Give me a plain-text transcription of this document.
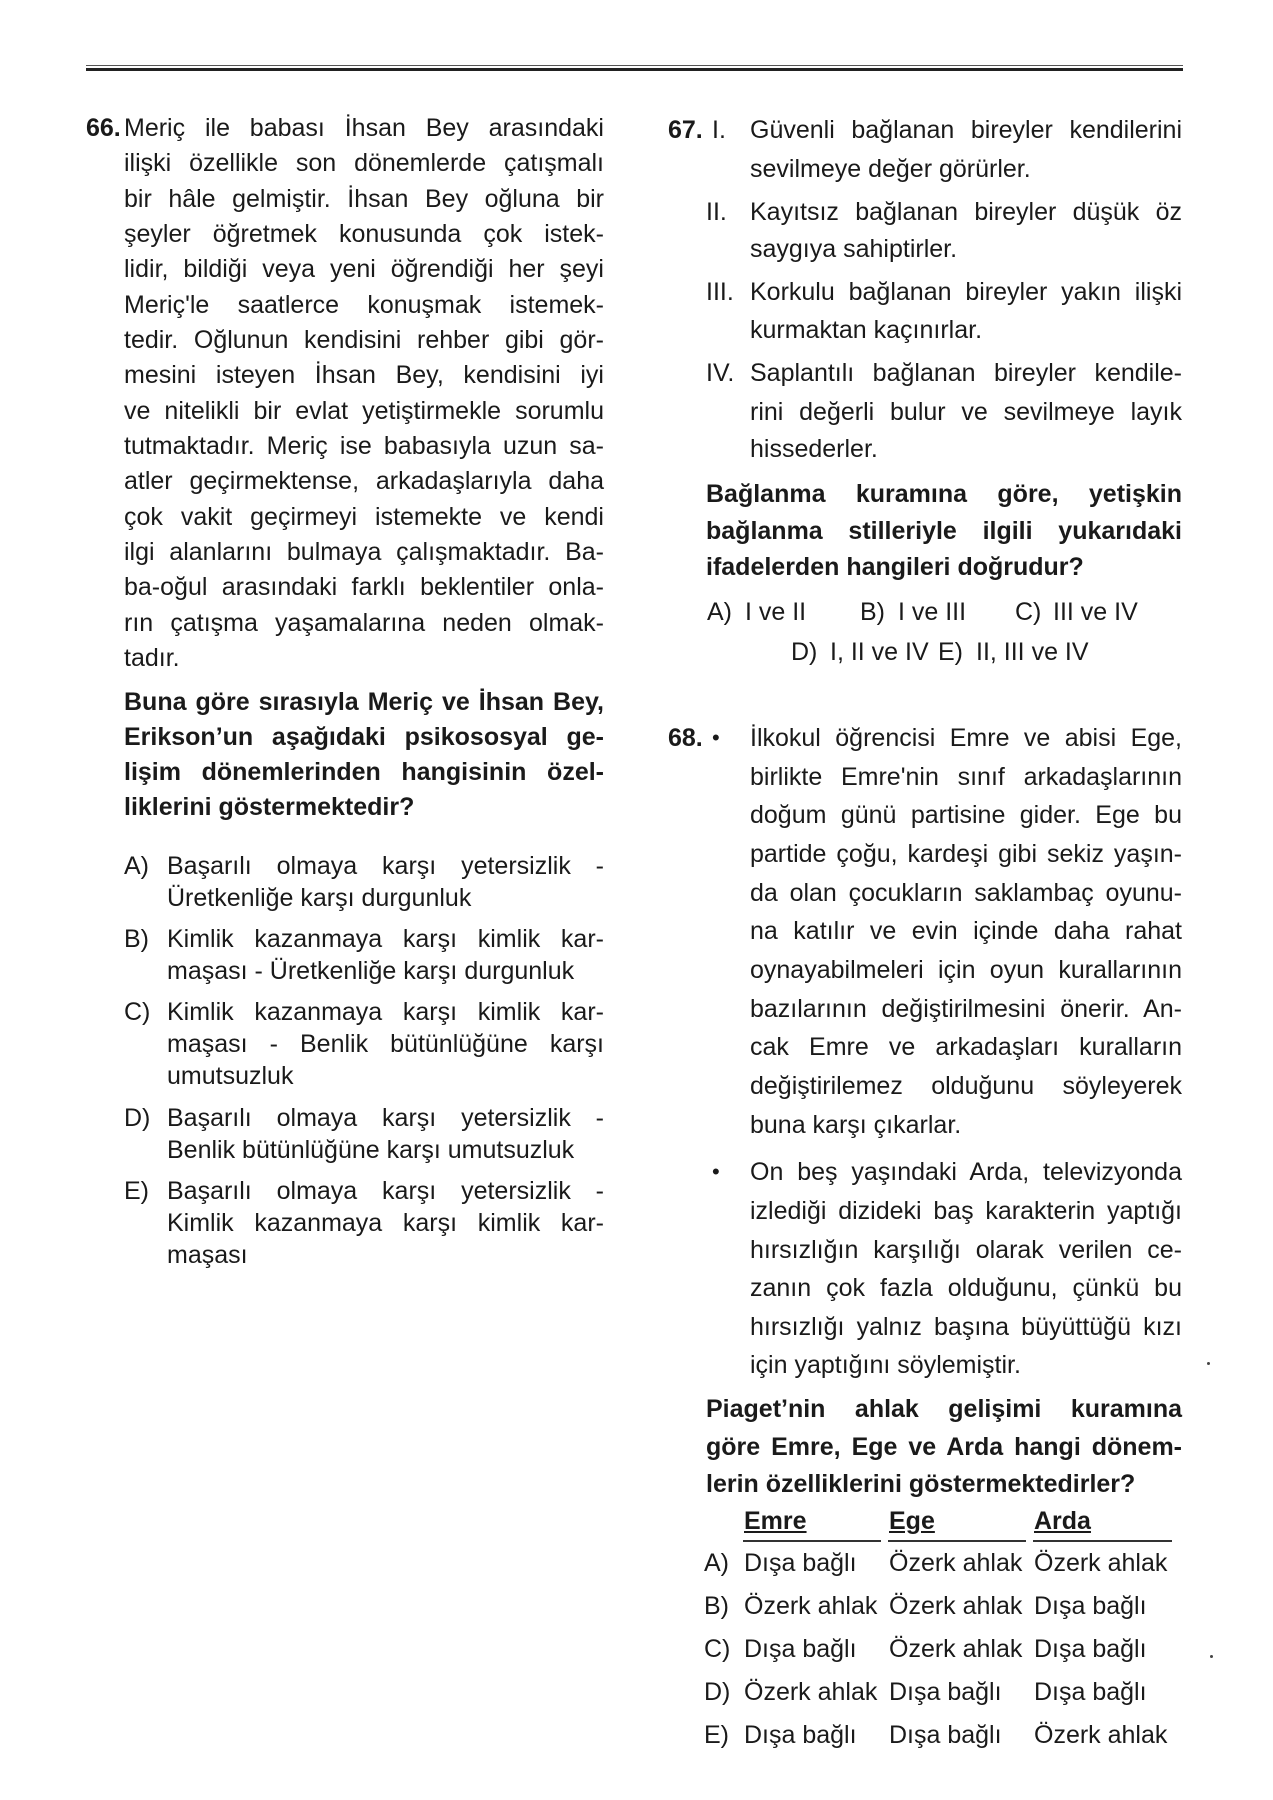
66. Meriç ile babası İhsan Bey arasındaki
ilişki özellikle son dönemlerde çatışmalı
bir hâle gelmiştir. İhsan Bey oğluna bir
şeyler öğretmek konusunda çok istek-
lidir, bildiği veya yeni öğrendiği her şeyi
Meriç'le saatlerce konuşmak istemek-
tedir. Oğlunun kendisini rehber gibi gör-
mesini isteyen İhsan Bey, kendisini iyi
ve nitelikli bir evlat yetiştirmekle sorumlu
tutmaktadır. Meriç ise babasıyla uzun sa-
atler geçirmektense, arkadaşlarıyla daha
çok vakit geçirmeyi istemekte ve kendi
ilgi alanlarını bulmaya çalışmaktadır. Ba-
ba-oğul arasındaki farklı beklentiler onla-
rın çatışma yaşamalarına neden olmak-
tadır.
Buna göre sırasıyla Meriç ve İhsan Bey,
Erikson’un aşağıdaki psikososyal ge-
lişim dönemlerinden hangisinin özel-
liklerini göstermektedir?
A) Başarılı olmaya karşı yetersizlik -
Üretkenliğe karşı durgunluk
B) Kimlik kazanmaya karşı kimlik kar-
maşası - Üretkenliğe karşı durgunluk
C) Kimlik kazanmaya karşı kimlik kar-
maşası - Benlik bütünlüğüne karşı
umutsuzluk
D) Başarılı olmaya karşı yetersizlik -
Benlik bütünlüğüne karşı umutsuzluk
E) Başarılı olmaya karşı yetersizlik -
Kimlik kazanmaya karşı kimlik kar-
maşası
67. I. Güvenli bağlanan bireyler kendilerini
sevilmeye değer görürler.
II. Kayıtsız bağlanan bireyler düşük öz
saygıya sahiptirler.
III. Korkulu bağlanan bireyler yakın ilişki
kurmaktan kaçınırlar.
IV. Saplantılı bağlanan bireyler kendile-
rini değerli bulur ve sevilmeye layık
hissederler.
Bağlanma kuramına göre, yetişkin
bağlanma stilleriyle ilgili yukarıdaki
ifadelerden hangileri doğrudur?
A) I ve II B) I ve III C) III ve IV
D) I, II ve IV E) II, III ve IV
68. • İlkokul öğrencisi Emre ve abisi Ege,
birlikte Emre'nin sınıf arkadaşlarının
doğum günü partisine gider. Ege bu
partide çoğu, kardeşi gibi sekiz yaşın-
da olan çocukların saklambaç oyunu-
na katılır ve evin içinde daha rahat
oynayabilmeleri için oyun kurallarının
bazılarının değiştirilmesini önerir. An-
cak Emre ve arkadaşları kuralların
değiştirilemez olduğunu söyleyerek
buna karşı çıkarlar.
• On beş yaşındaki Arda, televizyonda
izlediği dizideki baş karakterin yaptığı
hırsızlığın karşılığı olarak verilen ce-
zanın çok fazla olduğunu, çünkü bu
hırsızlığı yalnız başına büyüttüğü kızı
için yaptığını söylemiştir.
Piaget’nin ahlak gelişimi kuramına
göre Emre, Ege ve Arda hangi dönem-
lerin özelliklerini göstermektedirler?
Emre	Ege	Arda
A) Dışa bağlı Özerk ahlak Özerk ahlak
B) Özerk ahlak Özerk ahlak Dışa bağlı
C) Dışa bağlı Özerk ahlak Dışa bağlı
D) Özerk ahlak Dışa bağlı Dışa bağlı
E) Dışa bağlı Dışa bağlı Özerk ahlak
